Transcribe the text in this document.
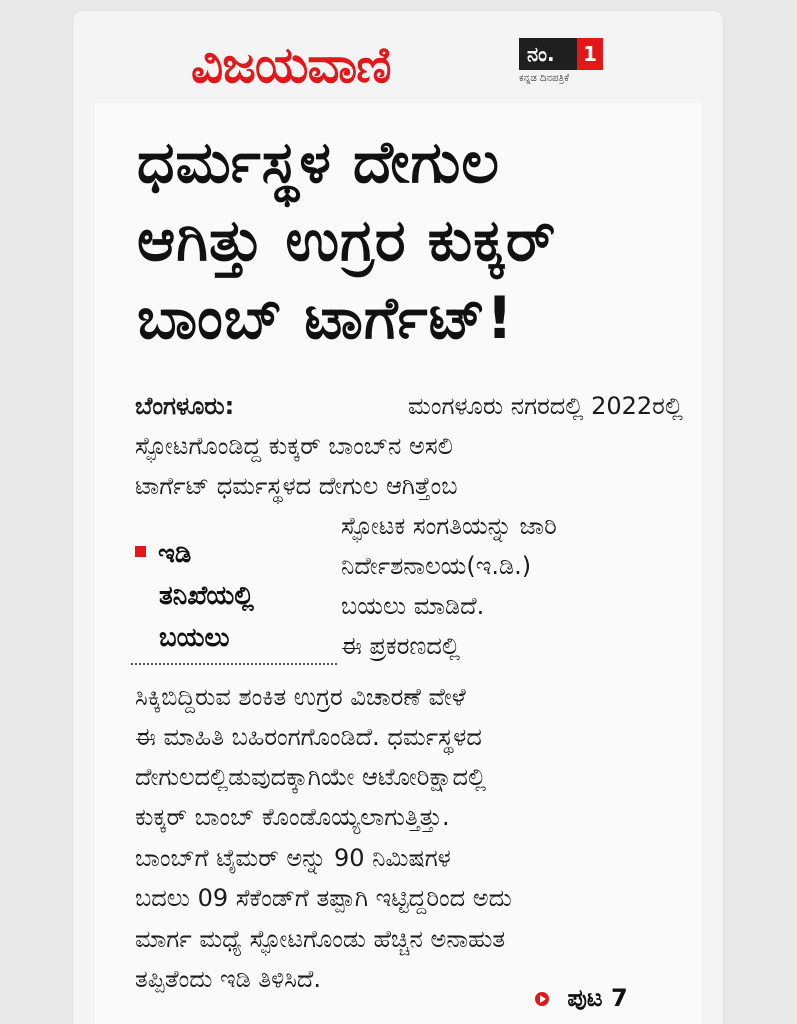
ವಿಜಯವಾಣಿ	ನಂ.	1
ಕನ್ನಡ ದಿನಪತ್ರಿಕೆ
ಧರ್ಮಸ್ಥಳ ದೇಗುಲ
ಆಗಿತ್ತು ಉಗ್ರರ ಕುಕ್ಕರ್
ಬಾಂಬ್ ಟಾರ್ಗೆಟ್!
ಬೆಂಗಳೂರು:	ಮಂಗಳೂರು ನಗರದಲ್ಲಿ 2022ರಲ್ಲಿ
ಸ್ಫೋಟಗೊಂಡಿದ್ದ ಕುಕ್ಕರ್ ಬಾಂಬ್‌ನ ಅಸಲಿ
ಟಾರ್ಗೆಟ್ ಧರ್ಮಸ್ಥಳದ ದೇಗುಲ ಆಗಿತ್ತೆಂಬ
ಸ್ಫೋಟಕ ಸಂಗತಿಯನ್ನು ಜಾರಿ
ನಿರ್ದೇಶನಾಲಯ(ಇ.ಡಿ.)
ಬಯಲು ಮಾಡಿದೆ.
ಈ ಪ್ರಕರಣದಲ್ಲಿ
ಸಿಕ್ಕಿಬಿದ್ದಿರುವ ಶಂಕಿತ ಉಗ್ರರ ವಿಚಾರಣೆ ವೇಳೆ
ಈ ಮಾಹಿತಿ ಬಹಿರಂಗಗೊಂಡಿದೆ. ಧರ್ಮಸ್ಥಳದ
ದೇಗುಲದಲ್ಲಿಡುವುದಕ್ಕಾಗಿಯೇ ಆಟೋರಿಕ್ಷಾದಲ್ಲಿ
ಕುಕ್ಕರ್ ಬಾಂಬ್ ಕೊಂಡೊಯ್ಯಲಾಗುತ್ತಿತ್ತು.
ಬಾಂಬ್‌ಗೆ ಟೈಮರ್ ಅನ್ನು 90 ನಿಮಿಷಗಳ
ಬದಲು 09 ಸೆಕೆಂಡ್‌ಗೆ ತಪ್ಪಾಗಿ ಇಟ್ಟಿದ್ದರಿಂದ ಅದು
ಮಾರ್ಗ ಮಧ್ಯೆ ಸ್ಫೋಟಗೊಂಡು ಹೆಚ್ಚಿನ ಅನಾಹುತ
ತಪ್ಪಿತೆಂದು ಇಡಿ ತಿಳಿಸಿದೆ.
ಇಡಿ
ತನಿಖೆಯಲ್ಲಿ
ಬಯಲು
ಪುಟ 7
